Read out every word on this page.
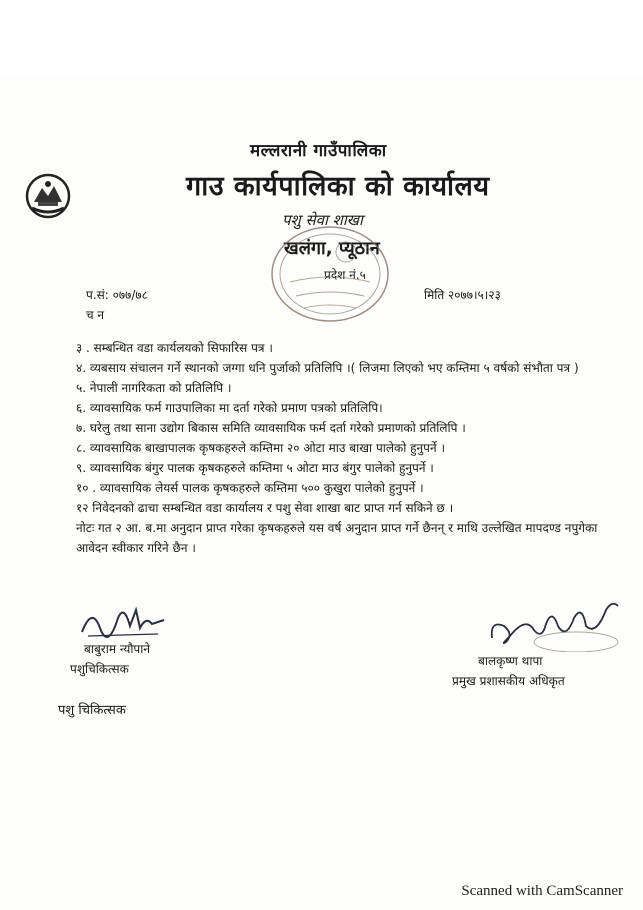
मल्लरानी गाउँपालिका
गाउ कार्यपालिका को कार्यालय
पशु सेवा शाखा
खलंगा, प्यूठान
प्रदेश नं.५
प.सं: ०७७/७८
च न
मिति २०७७।५।२३
३ . सम्बन्धित वडा कार्यलयको सिफारिस पत्र ।
४. व्यबसाय संचालन गर्ने स्थानको जग्गा धनि पुर्जाको प्रतिलिपि ।( लिजमा लिएको भए कम्तिमा ५ वर्षको संभौता पत्र )
५. नेपाली नागरिकता को प्रतिलिपि ।
६. व्यावसायिक फर्म गाउपालिका मा दर्ता गरेको प्रमाण पत्रको प्रतिलिपि।
७. घरेलु तथा साना उद्योग बिकास समिति व्यावसायिक फर्म दर्ता गरेको प्रमाणको प्रतिलिपि ।
८. व्यावसायिक बाखापालक कृषकहरुले कम्तिमा २० ओटा माउ बाखा पालेको हुनुपर्ने ।
९. व्यावसायिक बंगुर पालक कृषकहरुले कम्तिमा ५ ओटा माउ बंगुर पालेको हुनुपर्ने ।
१० . व्यावसायिक लेयर्स पालक कृषकहरुले कम्तिमा ५०० कुखुरा पालेको हुनुपर्ने ।
१२ निवेदनको ढाचा सम्बन्धित वडा कार्यालय र पशु सेवा शाखा बाट प्राप्त गर्न सकिने छ ।
नोटः गत २ आ. ब.मा अनुदान प्राप्त गरेका कृषकहरुले यस वर्ष अनुदान प्राप्त गर्ने छैनन् र माथि उल्लेखित मापदण्ड नपुगेका आवेदन स्वीकार गरिने छैन ।
बाबुराम न्यौपाने
पशुचिकित्सक
पशु चिकित्सक
बालकृष्ण थापा
प्रमुख प्रशासकीय अधिकृत
Scanned with CamScanner
